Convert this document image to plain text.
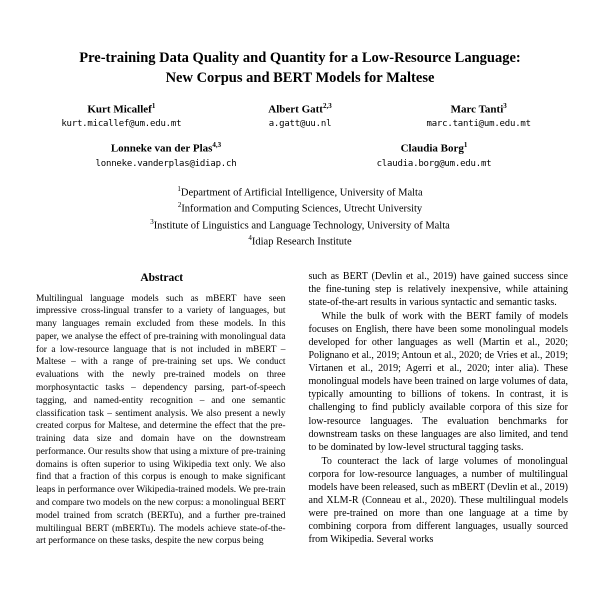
Pre-training Data Quality and Quantity for a Low-Resource Language:
New Corpus and BERT Models for Maltese
Kurt Micallef$^1$
kurt.micallef@um.edu.mt
Albert Gatt$^{2,3}$
a.gatt@uu.nl
Marc Tanti$^3$
marc.tanti@um.edu.mt
Lonneke van der Plas$^{4,3}$
lonneke.vanderplas@idiap.ch
Claudia Borg$^1$
claudia.borg@um.edu.mt
$^1$Department of Artificial Intelligence, University of Malta
$^2$Information and Computing Sciences, Utrecht University
$^3$Institute of Linguistics and Language Technology, University of Malta
$^4$Idiap Research Institute
Abstract
Multilingual language models such as mBERT have seen impressive cross-lingual transfer to a variety of languages, but many languages remain excluded from these models. In this paper, we analyse the effect of pre-training with monolingual data for a low-resource language that is not included in mBERT – Maltese – with a range of pre-training set ups. We conduct evaluations with the newly pre-trained models on three morphosyntactic tasks – dependency parsing, part-of-speech tagging, and named-entity recognition – and one semantic classification task – sentiment analysis. We also present a newly created corpus for Maltese, and determine the effect that the pre-training data size and domain have on the downstream performance. Our results show that using a mixture of pre-training domains is often superior to using Wikipedia text only. We also find that a fraction of this corpus is enough to make significant leaps in performance over Wikipedia-trained models. We pre-train and compare two models on the new corpus: a monolingual BERT model trained from scratch (BERTu), and a further pre-trained multilingual BERT (mBERTu). The models achieve state-of-the-art performance on these tasks, despite the new corpus being

such as BERT (Devlin et al., 2019) have gained success since the fine-tuning step is relatively inexpensive, while attaining state-of-the-art results in various syntactic and semantic tasks.

While the bulk of work with the BERT family of models focuses on English, there have been some monolingual models developed for other languages as well (Martin et al., 2020; Polignano et al., 2019; Antoun et al., 2020; de Vries et al., 2019; Virtanen et al., 2019; Agerri et al., 2020; inter alia). These monolingual models have been trained on large volumes of data, typically amounting to billions of tokens. In contrast, it is challenging to find publicly available corpora of this size for low-resource languages. The evaluation benchmarks for downstream tasks on these languages are also limited, and tend to be dominated by low-level structural tagging tasks.

To counteract the lack of large volumes of monolingual corpora for low-resource languages, a number of multilingual models have been released, such as mBERT (Devlin et al., 2019) and XLM-R (Conneau et al., 2020). These multilingual models were pre-trained on more than one language at a time by combining corpora from different languages, usually sourced from Wikipedia. Several works
